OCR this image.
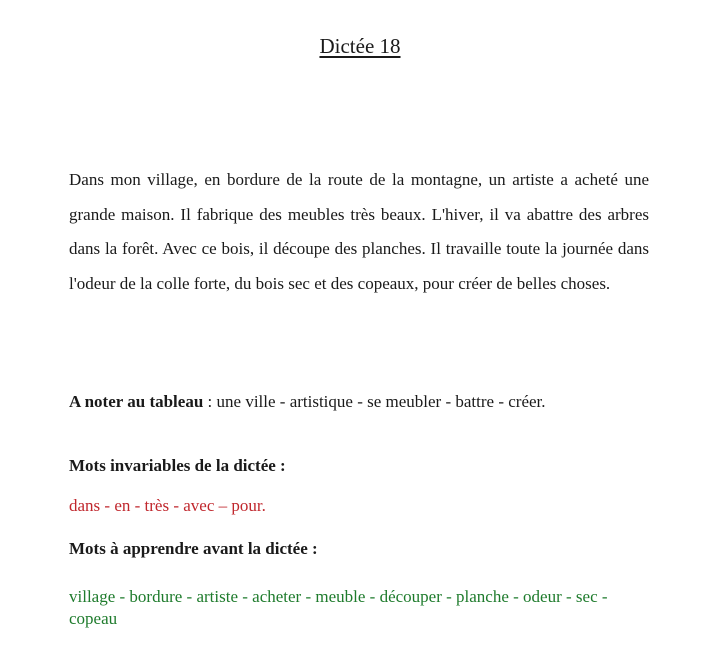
Dictée 18

Dans mon village, en bordure de la route de la montagne, un artiste a acheté une grande maison. Il fabrique des meubles très beaux. L'hiver, il va abattre des arbres dans la forêt. Avec ce bois, il découpe des planches. Il travaille toute la journée dans l'odeur de la colle forte, du bois sec et des copeaux, pour créer de belles choses.

A noter au tableau : une ville - artistique - se meubler - battre - créer.

Mots invariables de la dictée :

dans - en - très - avec – pour.

Mots à apprendre avant la dictée :

village - bordure - artiste - acheter - meuble - découper - planche - odeur - sec - copeau
